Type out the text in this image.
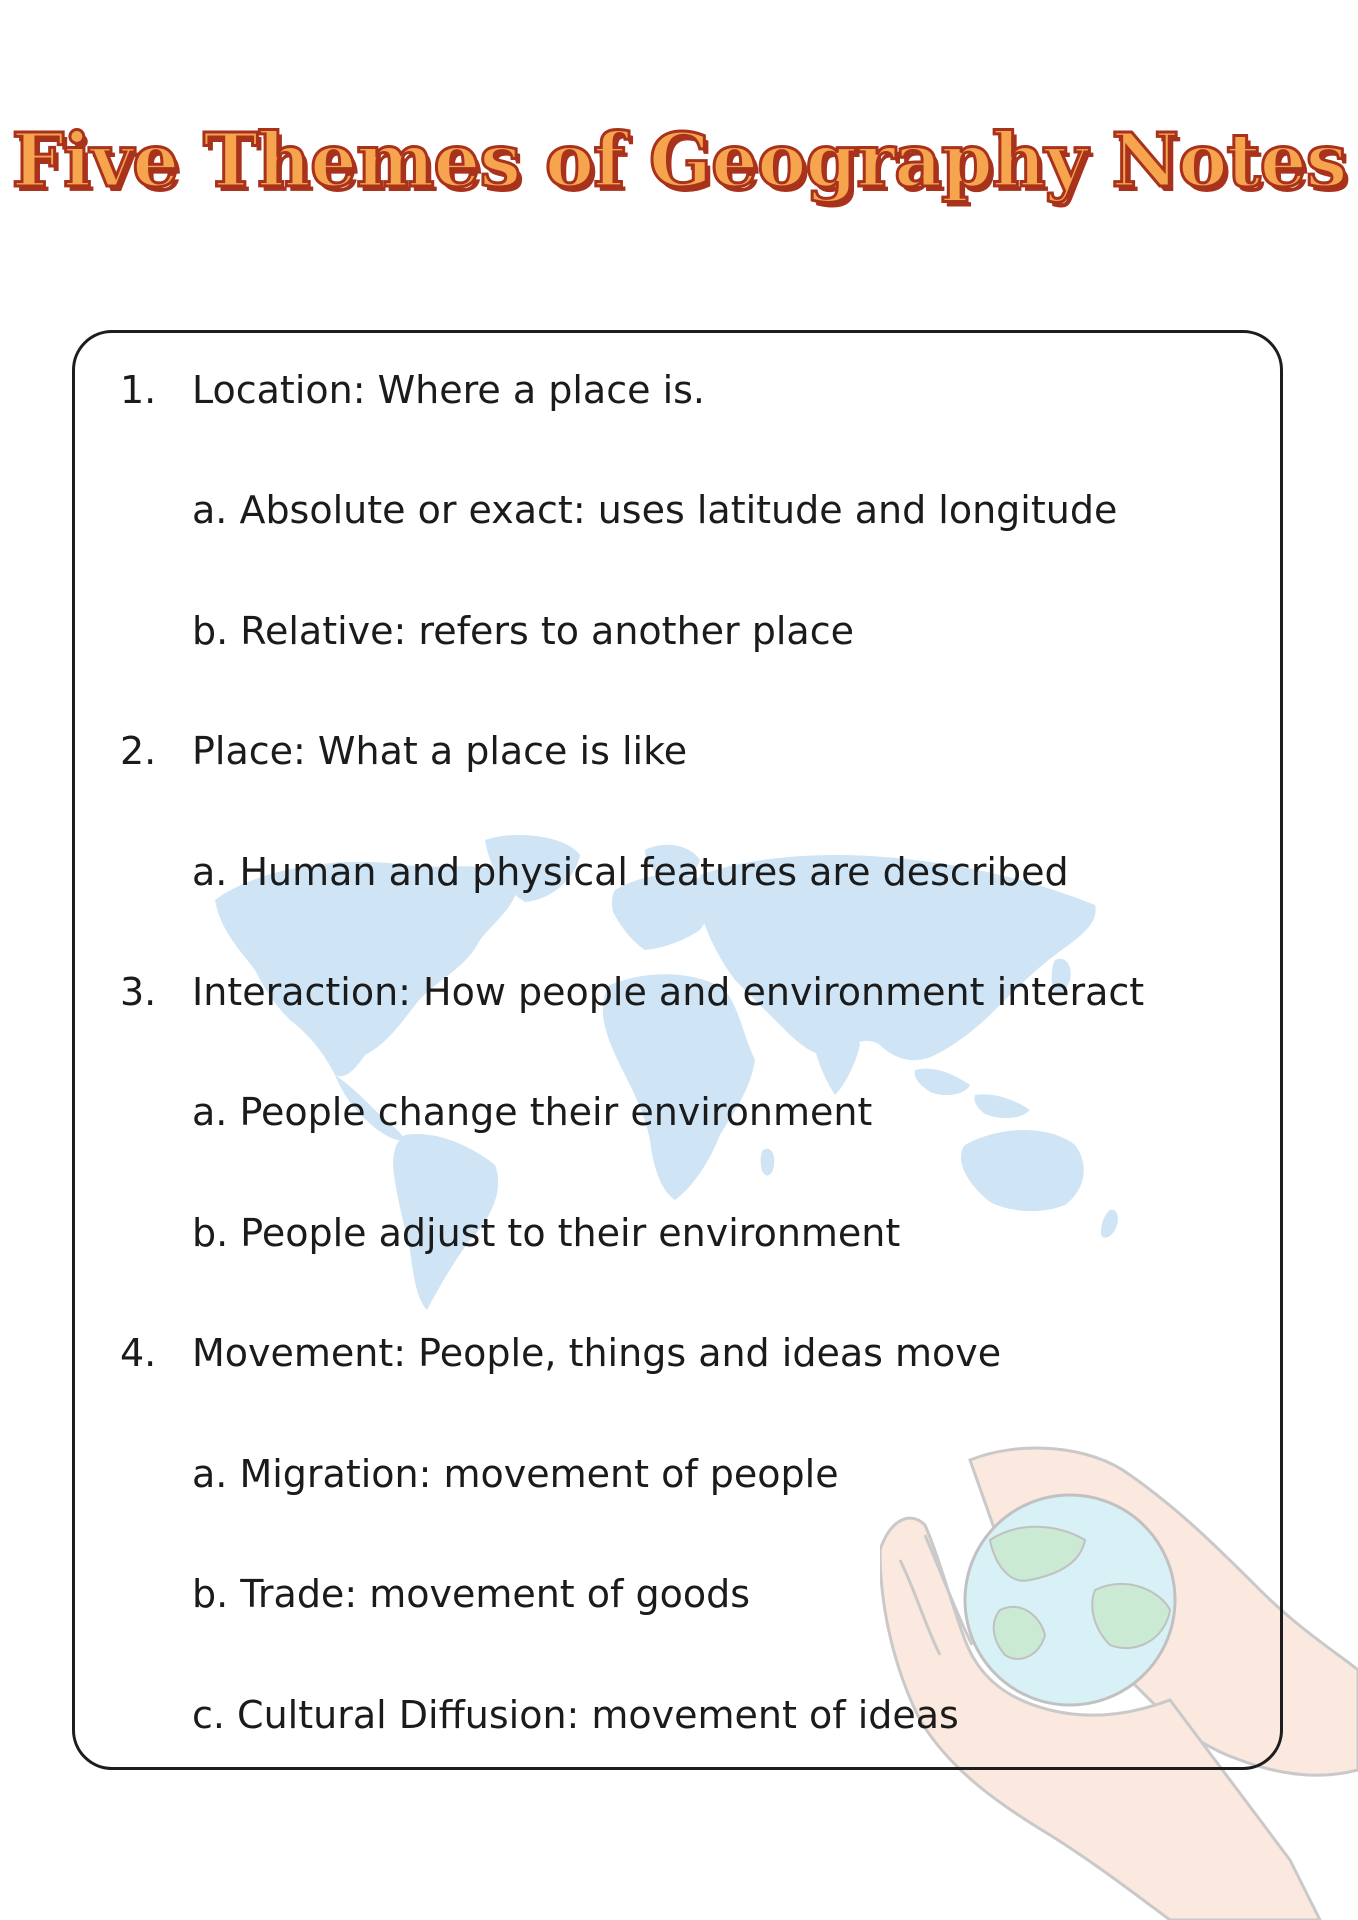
Five Themes of Geography Notes
1. Location: Where a place is.
a. Absolute or exact: uses latitude and longitude
b. Relative: refers to another place
2. Place: What a place is like
a. Human and physical features are described
3. Interaction: How people and environment interact
a. People change their environment
b. People adjust to their environment
4. Movement: People, things and ideas move
a. Migration: movement of people
b. Trade: movement of goods
c. Cultural Diffusion: movement of ideas
